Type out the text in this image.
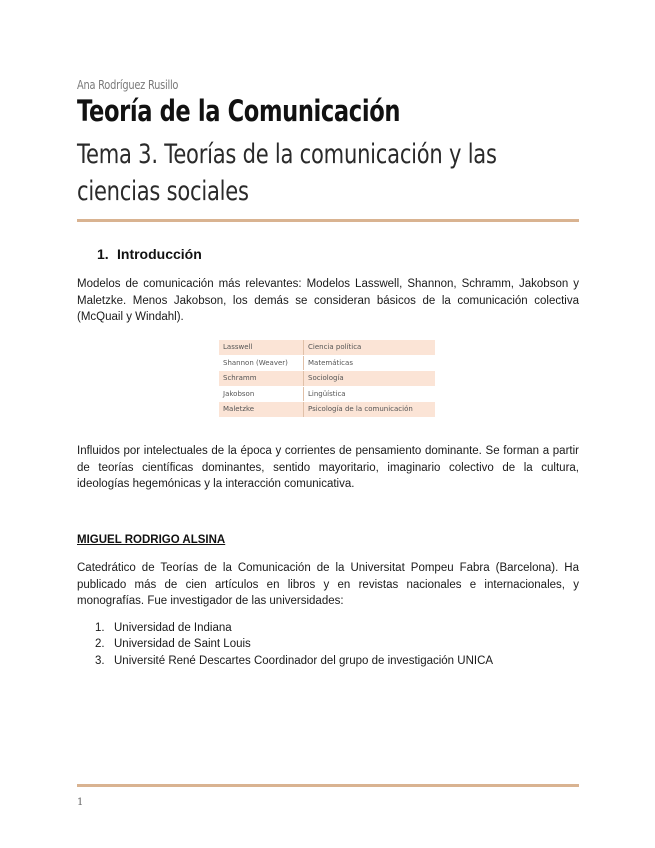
Ana Rodríguez Rusillo
Teoría de la Comunicación
Tema 3. Teorías de la comunicación y las ciencias sociales
1. Introducción
Modelos de comunicación más relevantes: Modelos Lasswell, Shannon, Schramm, Jakobson y Maletzke. Menos Jakobson, los demás se consideran básicos de la comunicación colectiva (McQuail y Windahl).
Lasswell	Ciencia política
Shannon (Weaver)	Matemáticas
Schramm	Sociología
Jakobson	Lingüística
Maletzke	Psicología de la comunicación
Influidos por intelectuales de la época y corrientes de pensamiento dominante. Se forman a partir de teorías científicas dominantes, sentido mayoritario, imaginario colectivo de la cultura, ideologías hegemónicas y la interacción comunicativa.
MIGUEL RODRIGO ALSINA
Catedrático de Teorías de la Comunicación de la Universitat Pompeu Fabra (Barcelona). Ha publicado más de cien artículos en libros y en revistas nacionales e internacionales, y monografías. Fue investigador de las universidades:
1. Universidad de Indiana
2. Universidad de Saint Louis
3. Université René Descartes Coordinador del grupo de investigación UNICA
1
